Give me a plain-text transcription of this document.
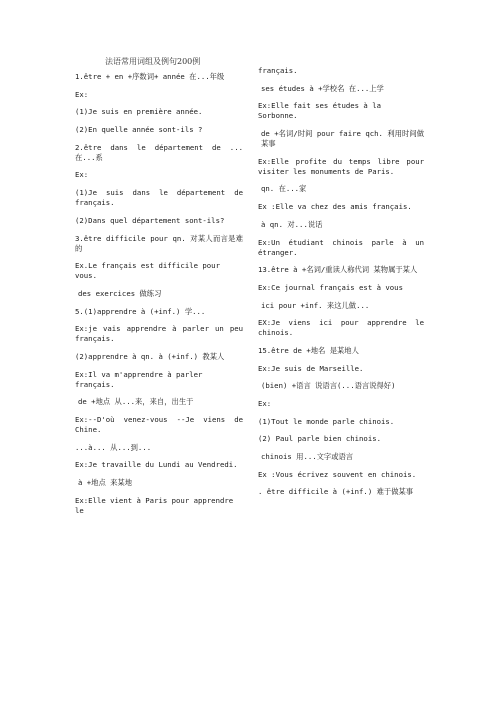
法语常用词组及例句200例
1.être + en +序数词+ année 在...年级
Ex:
(1)Je suis en première année.
(2)En quelle année sont-ils ?
2.être dans le département de ... 在...系
Ex:
(1)Je suis dans le département de français.
(2)Dans quel département sont-ils?
3.être difficile pour qn. 对某人而言是难的
Ex.Le français est difficile pour vous.
des exercices 做练习
5.(1)apprendre à (+inf.) 学...
Ex:je vais apprendre à parler un peu français.
(2)apprendre à qn. à (+inf.) 教某人
Ex:Il va m'apprendre à parler français.
de +地点 从...来，来自，出生于
Ex:--D'où venez-vous --Je viens de Chine.
...à... 从...到...
Ex:Je travaille du Lundi au Vendredi.
à +地点 来某地
Ex:Elle vient à Paris pour apprendre le
français.
ses études à +学校名 在...上学
Ex:Elle fait ses études à la Sorbonne.
de +名词/时间 pour faire qch. 利用时间做某事
Ex:Elle profite du temps libre pour visiter les monuments de Paris.
qn. 在...家
Ex :Elle va chez des amis français.
à qn. 对...说话
Ex:Un étudiant chinois parle à un étranger.
13.être à +名词/重读人称代词 某物属于某人
Ex:Ce journal français est à vous
ici pour +inf. 来这儿做...
EX:Je viens ici pour apprendre le chinois.
15.être de +地名 是某地人
Ex:Je suis de Marseille.
(bien) +语言 说语言(...语言说得好)
Ex:
(1)Tout le monde parle chinois.
(2) Paul parle bien chinois.
chinois 用...文字或语言
Ex :Vous écrivez souvent en chinois.
. être difficile à (+inf.) 难于做某事
